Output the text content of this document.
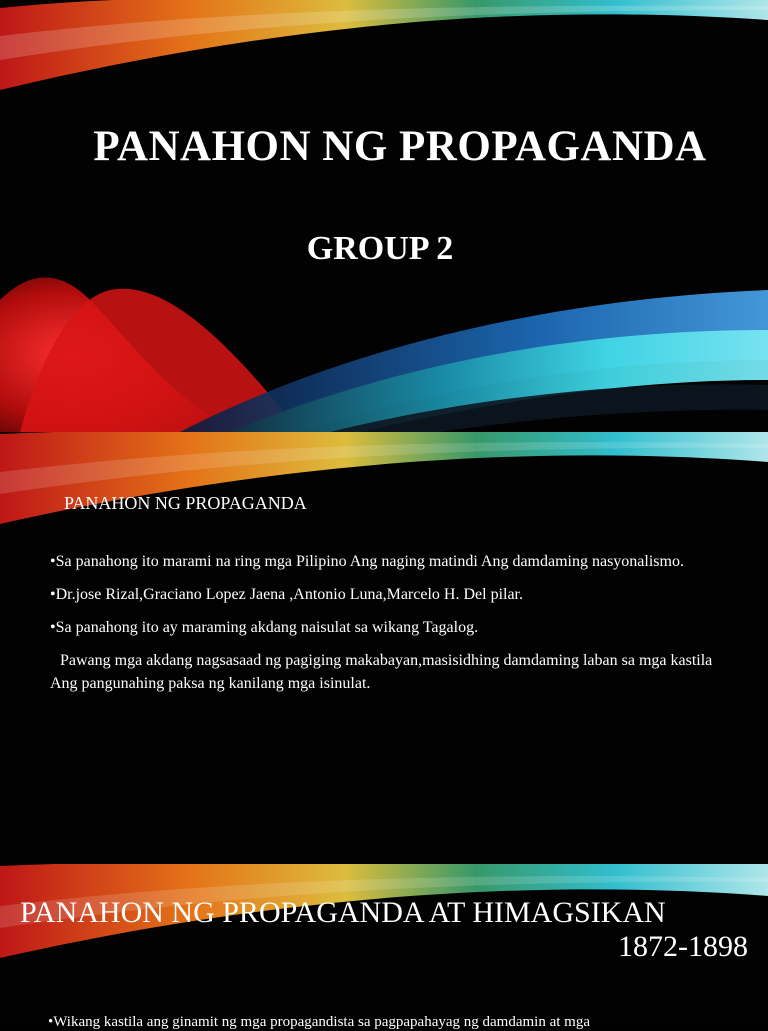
PANAHON NG PROPAGANDA
GROUP 2
PANAHON NG PROPAGANDA

•Sa panahong ito marami na ring mga Pilipino Ang naging matindi Ang damdaming nasyonalismo.

•Dr.jose Rizal,Graciano Lopez Jaena ,Antonio Luna,Marcelo H. Del pilar.

•Sa panahong ito ay maraming akdang naisulat sa wikang Tagalog.

Pawang mga akdang nagsasaad ng pagiging makabayan,masisidhing damdaming laban sa mga kastila Ang pangunahing paksa ng kanilang mga isinulat.

PANAHON NG PROPAGANDA AT HIMAGSIKAN
1872-1898
•Wikang kastila ang ginamit ng mga propagandista sa pagpapahayag ng damdamin at mga
